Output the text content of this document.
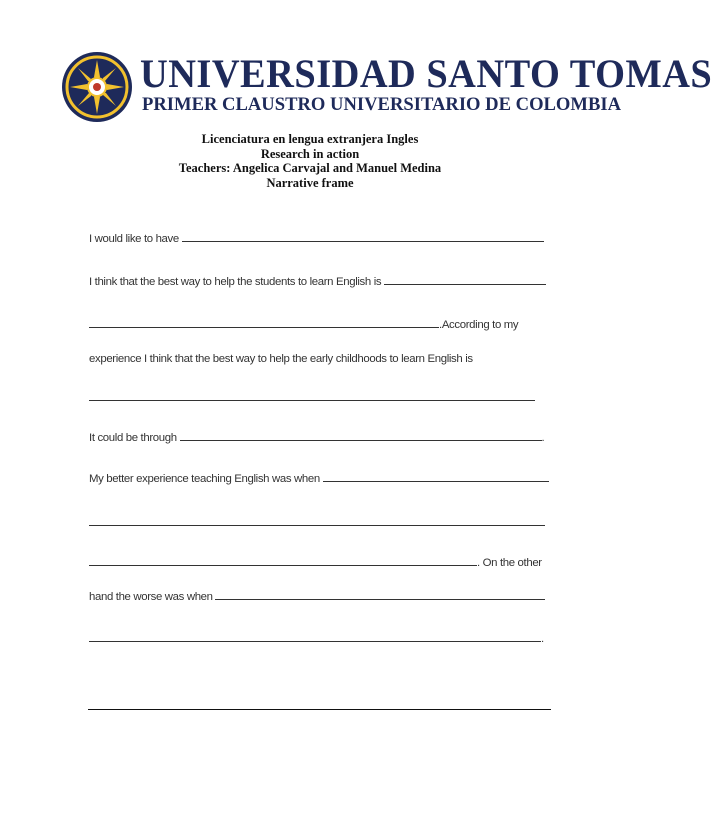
UNIVERSIDAD SANTO TOMAS
PRIMER CLAUSTRO UNIVERSITARIO DE COLOMBIA
Licenciatura en lengua extranjera Ingles
Research in action
Teachers: Angelica Carvajal and Manuel Medina
Narrative frame
I would like to have
I think that the best way to help the students to learn English is
.According to my
experience I think that the best way to help the early childhoods to learn English is
It could be through	.
My better experience teaching English was when
. On the other
hand the worse was when
.
